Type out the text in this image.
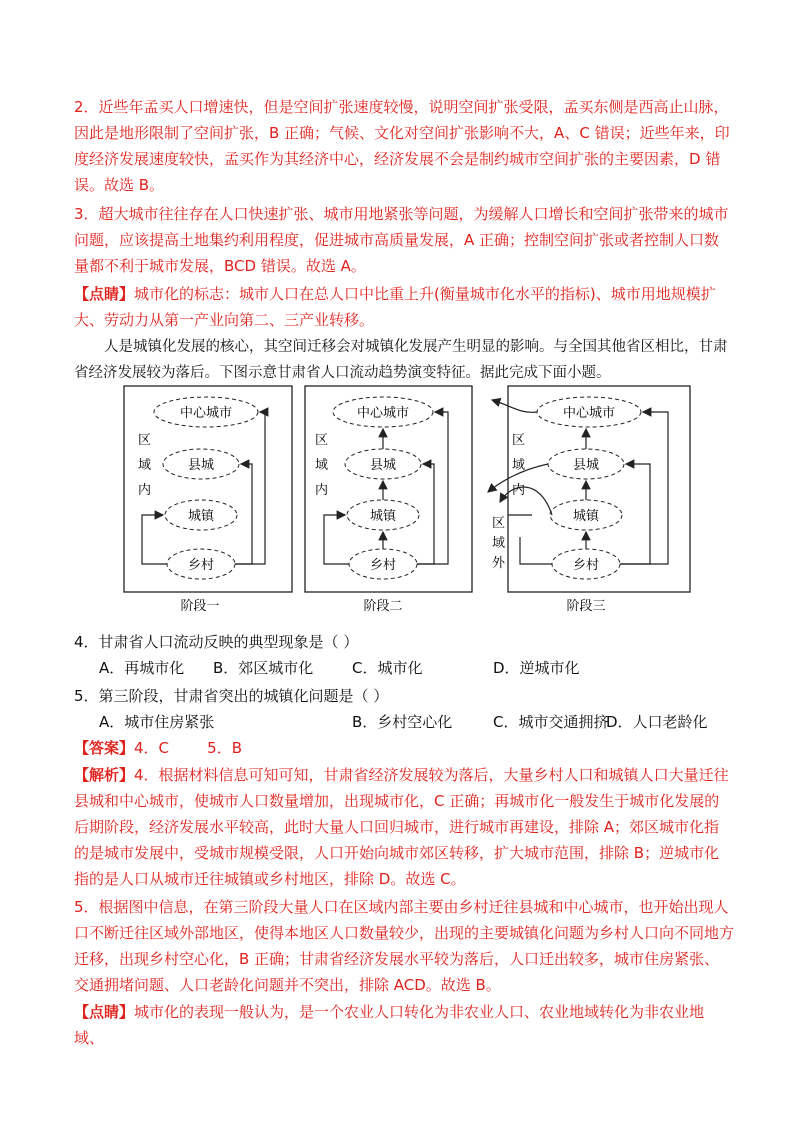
2．近些年孟买人口增速快，但是空间扩张速度较慢，说明空间扩张受限，孟买东侧是西高止山脉，因此是地形限制了空间扩张，B 正确；气候、文化对空间扩张影响不大，A、C 错误；近些年来，印度经济发展速度较快，孟买作为其经济中心，经济发展不会是制约城市空间扩张的主要因素，D 错误。故选 B。

3．超大城市往往存在人口快速扩张、城市用地紧张等问题，为缓解人口增长和空间扩张带来的城市问题，应该提高土地集约利用程度，促进城市高质量发展，A 正确；控制空间扩张或者控制人口数量都不利于城市发展，BCD 错误。故选 A。

【点睛】城市化的标志：城市人口在总人口中比重上升(衡量城市化水平的指标)、城市用地规模扩大、劳动力从第一产业向第二、三产业转移。

人是城镇化发展的核心，其空间迁移会对城镇化发展产生明显的影响。与全国其他省区相比，甘肃省经济发展较为落后。下图示意甘肃省人口流动趋势演变特征。据此完成下面小题。

中心城市
县城
城镇
乡村
区
域
内
阶段一
中心城市
县城
城镇
乡村
区
域
内
阶段二
中心城市
县城
城镇
乡村
区
域
内
区
域
外
阶段三

4．甘肃省人口流动反映的典型现象是（ ）

A．再城市化 B．郊区城市化	C．城市化	D．逆城市化

5．第三阶段，甘肃省突出的城镇化问题是（ ）

A．城市住房紧张	B．乡村空心化	C．城市交通拥挤
D．人口老龄化

【答案】4．C        5．B

【解析】4．根据材料信息可知可知，甘肃省经济发展较为落后，大量乡村人口和城镇人口大量迁往县城和中心城市，使城市人口数量增加，出现城市化，C 正确；再城市化一般发生于城市化发展的后期阶段，经济发展水平较高，此时大量人口回归城市，进行城市再建设，排除 A；郊区城市化指的是城市发展中，受城市规模受限，人口开始向城市郊区转移，扩大城市范围，排除 B；逆城市化指的是人口从城市迁往城镇或乡村地区，排除 D。故选 C。

5．根据图中信息，在第三阶段大量人口在区域内部主要由乡村迁往县城和中心城市，也开始出现人口不断迁往区域外部地区，使得本地区人口数量较少，出现的主要城镇化问题为乡村人口向不同地方迁移，出现乡村空心化，B 正确；甘肃省经济发展水平较为落后，人口迁出较多，城市住房紧张、交通拥堵问题、人口老龄化问题并不突出，排除 ACD。故选 B。

【点睛】城市化的表现一般认为，是一个农业人口转化为非农业人口、农业地域转化为非农业地域、
